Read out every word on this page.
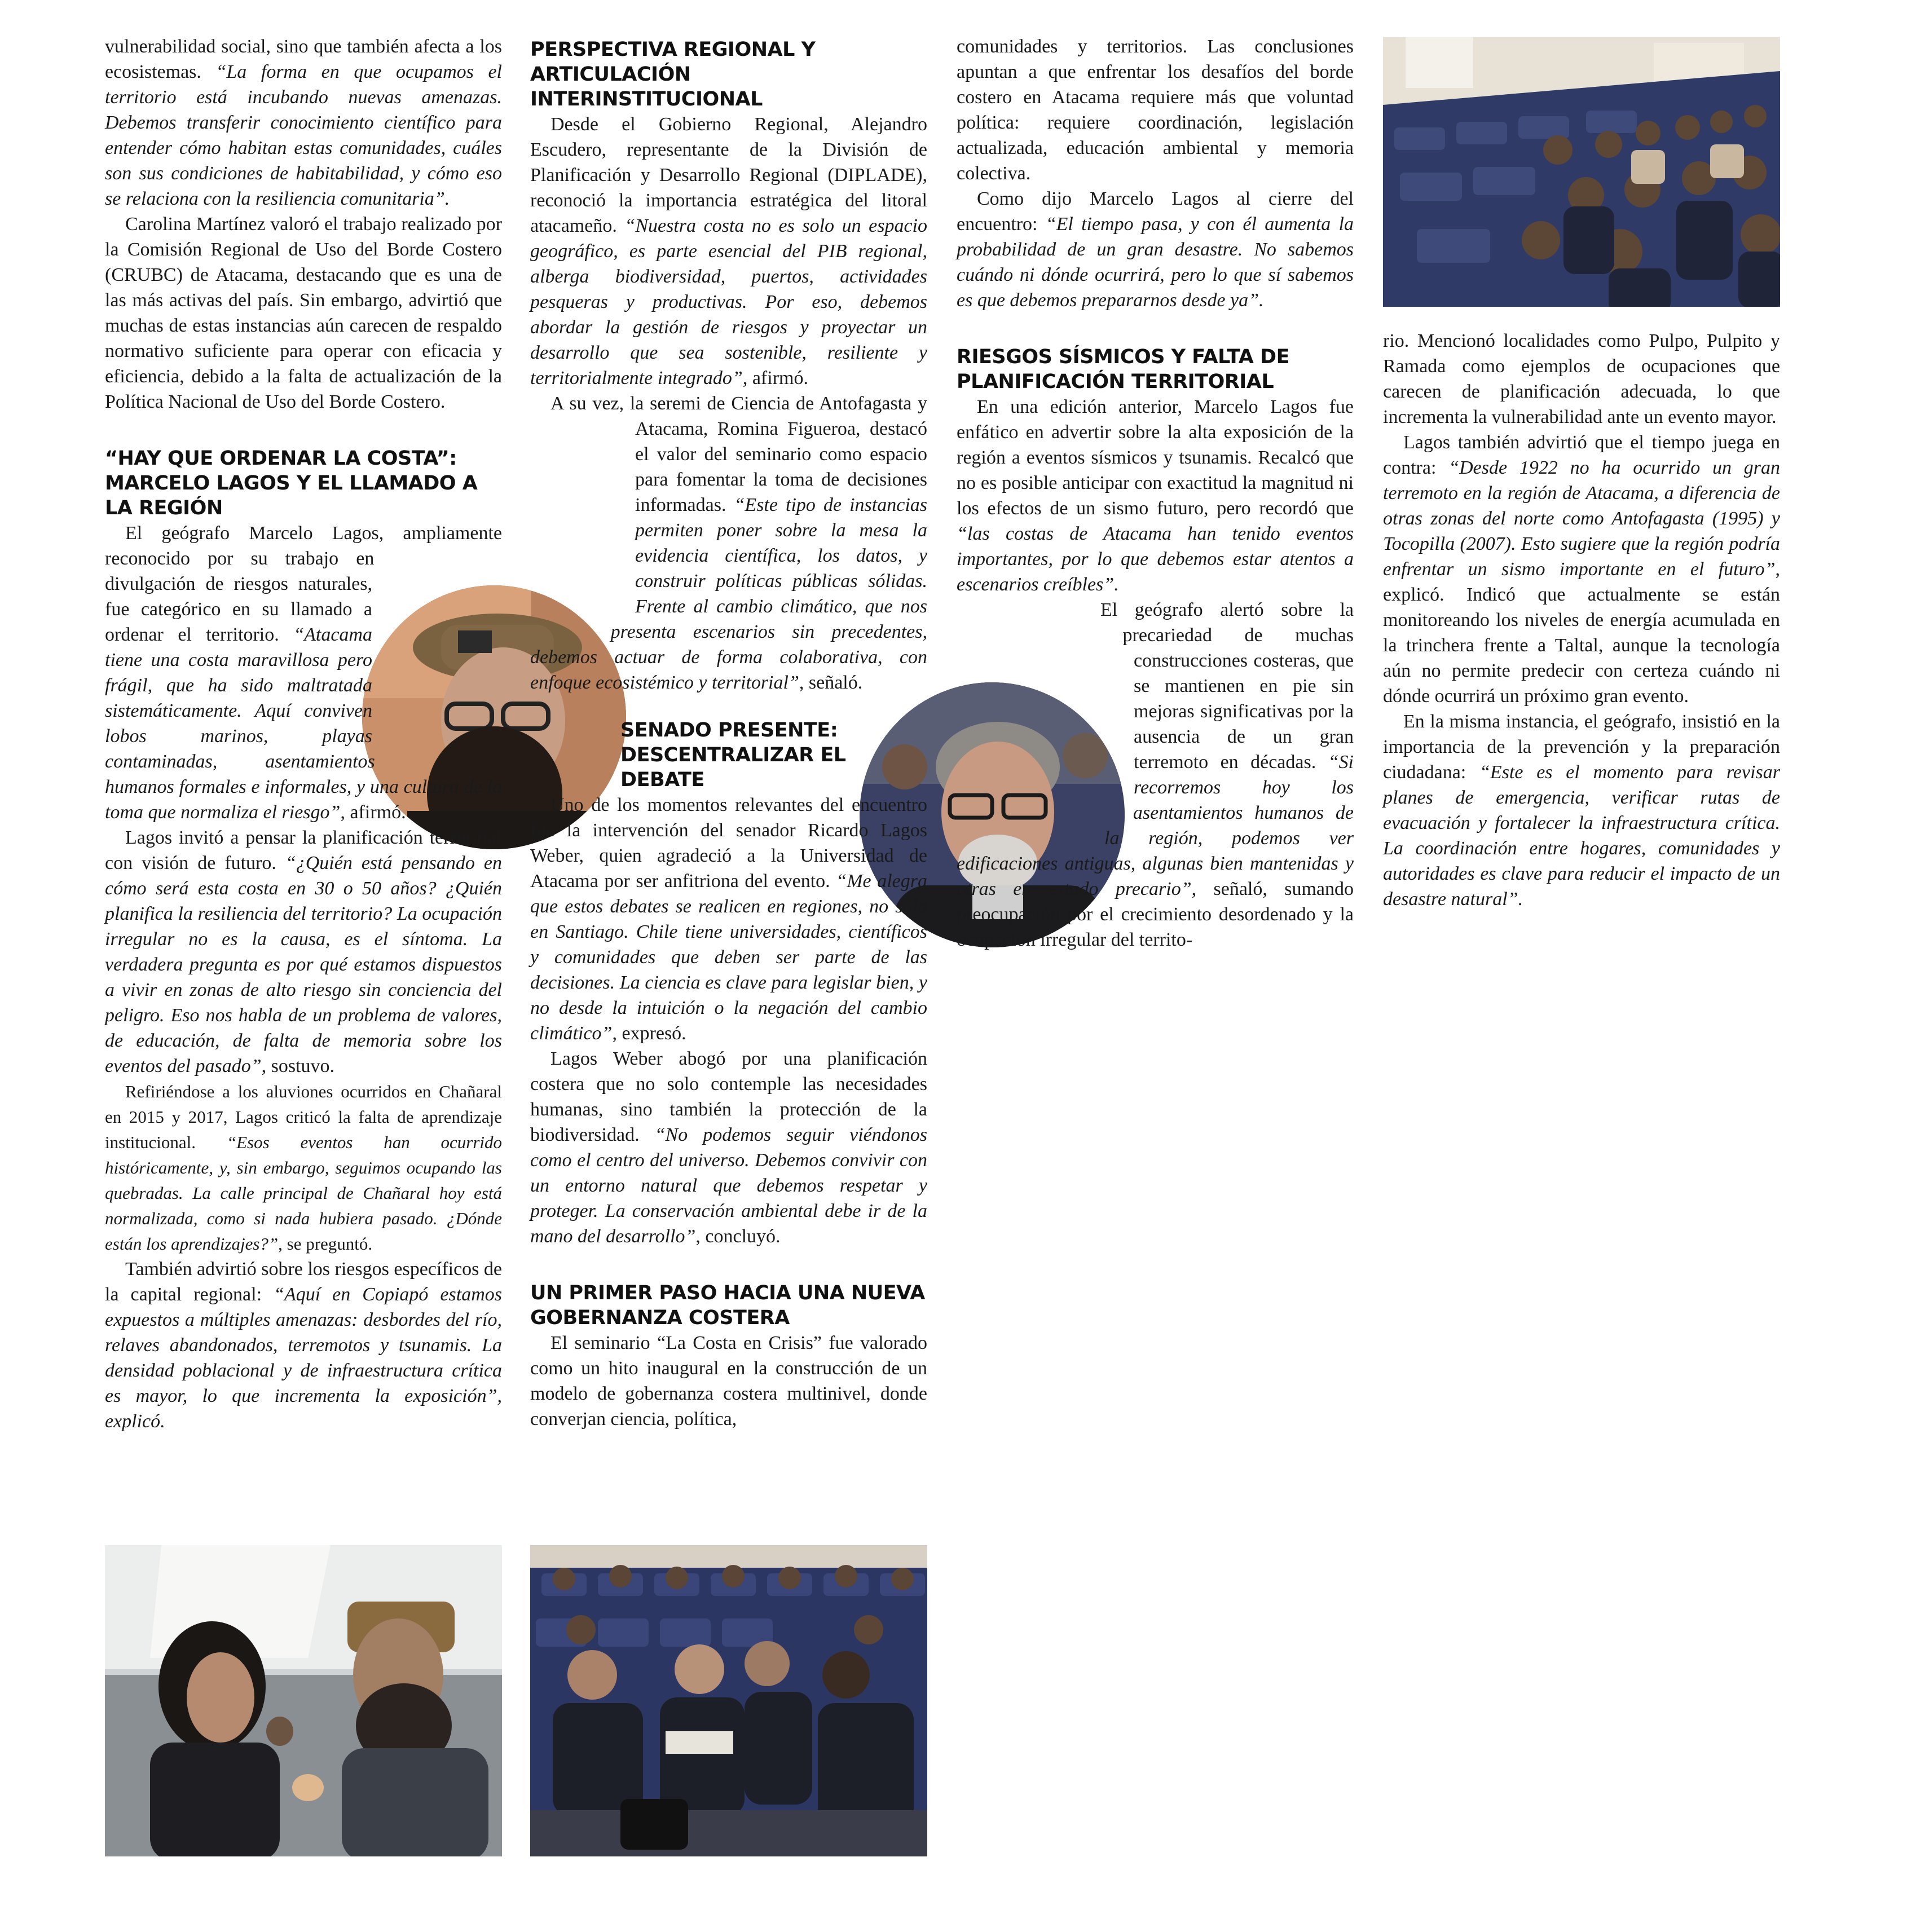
vulnerabilidad social, sino que también afecta a los ecosistemas. “La forma en que ocupamos el territorio está incubando nuevas amenazas. Debemos transferir conocimiento científico para entender cómo habitan estas comunidades, cuáles son sus condiciones de habitabilidad, y cómo eso se relaciona con la resiliencia comunitaria”.

Carolina Martínez valoró el trabajo realizado por la Comisión Regional de Uso del Borde Costero (CRUBC) de Atacama, destacando que es una de las más activas del país. Sin embargo, advirtió que muchas de estas instancias aún carecen de respaldo normativo suficiente para operar con eficacia y eficiencia, debido a la falta de actualización de la Política Nacional de Uso del Borde Costero.

“HAY QUE ORDENAR LA COSTA”: MARCELO LAGOS Y EL LLAMADO A LA REGIÓN

El geógrafo Marcelo Lagos, ampliamente reconocido por su trabajo en divulgación de riesgos naturales, fue categórico en su llamado a ordenar el territorio. “Atacama tiene una costa maravillosa pero frágil, que ha sido maltratada sistemáticamente. Aquí conviven lobos marinos, playas contaminadas, asentamientos humanos formales e informales, y una cultura de la toma que normaliza el riesgo”, afirmó.

Lagos invitó a pensar la planificación territorial con visión de futuro. “¿Quién está pensando en cómo será esta costa en 30 o 50 años? ¿Quién planifica la resiliencia del territorio? La ocupación irregular no es la causa, es el síntoma. La verdadera pregunta es por qué estamos dispuestos a vivir en zonas de alto riesgo sin conciencia del peligro. Eso nos habla de un problema de valores, de educación, de falta de memoria sobre los eventos del pasado”, sostuvo.

Refiriéndose a los aluviones ocurridos en Chañaral en 2015 y 2017, Lagos criticó la falta de aprendizaje institucional. “Esos eventos han ocurrido históricamente, y, sin embargo, seguimos ocupando las quebradas. La calle principal de Chañaral hoy está normalizada, como si nada hubiera pasado. ¿Dónde están los aprendizajes?”, se preguntó.

También advirtió sobre los riesgos específicos de la capital regional: “Aquí en Copiapó estamos expuestos a múltiples amenazas: desbordes del río, relaves abandonados, terremotos y tsunamis. La densidad poblacional y de infraestructura crítica es mayor, lo que incrementa la exposición”, explicó.

PERSPECTIVA REGIONAL Y ARTICULACIÓN INTERINSTITUCIONAL

Desde el Gobierno Regional, Alejandro Escudero, representante de la División de Planificación y Desarrollo Regional (DIPLADE), reconoció la importancia estratégica del litoral atacameño. “Nuestra costa no es solo un espacio geográfico, es parte esencial del PIB regional, alberga biodiversidad, puertos, actividades pesqueras y productivas. Por eso, debemos abordar la gestión de riesgos y proyectar un desarrollo que sea sostenible, resiliente y territorialmente integrado”, afirmó.

A su vez, la seremi de Ciencia de Antofagasta y Atacama, Romina Figueroa, destacó el valor del seminario como espacio para fomentar la toma de decisiones informadas. “Este tipo de instancias permiten poner sobre la mesa la evidencia científica, los datos, y construir políticas públicas sólidas. Frente al cambio climático, que nos presenta escenarios sin precedentes, debemos actuar de forma colaborativa, con enfoque ecosistémico y territorial”, señaló.

SENADO PRESENTE: DESCENTRALIZAR EL DEBATE

Uno de los momentos relevantes del encuentro fue la intervención del senador Ricardo Lagos Weber, quien agradeció a la Universidad de Atacama por ser anfitriona del evento. “Me alegra que estos debates se realicen en regiones, no solo en Santiago. Chile tiene universidades, científicos y comunidades que deben ser parte de las decisiones. La ciencia es clave para legislar bien, y no desde la intuición o la negación del cambio climático”, expresó.

Lagos Weber abogó por una planificación costera que no solo contemple las necesidades humanas, sino también la protección de la biodiversidad. “No podemos seguir viéndonos como el centro del universo. Debemos convivir con un entorno natural que debemos respetar y proteger. La conservación ambiental debe ir de la mano del desarrollo”, concluyó.

UN PRIMER PASO HACIA UNA NUEVA GOBERNANZA COSTERA

El seminario “La Costa en Crisis” fue valorado como un hito inaugural en la construcción de un modelo de gobernanza costera multinivel, donde converjan ciencia, política,

comunidades y territorios. Las conclusiones apuntan a que enfrentar los desafíos del borde costero en Atacama requiere más que voluntad política: requiere coordinación, legislación actualizada, educación ambiental y memoria colectiva.

Como dijo Marcelo Lagos al cierre del encuentro: “El tiempo pasa, y con él aumenta la probabilidad de un gran desastre. No sabemos cuándo ni dónde ocurrirá, pero lo que sí sabemos es que debemos prepararnos desde ya”.

RIESGOS SÍSMICOS Y FALTA DE PLANIFICACIÓN TERRITORIAL

En una edición anterior, Marcelo Lagos fue enfático en advertir sobre la alta exposición de la región a eventos sísmicos y tsunamis. Recalcó que no es posible anticipar con exactitud la magnitud ni los efectos de un sismo futuro, pero recordó que “las costas de Atacama han tenido eventos importantes, por lo que debemos estar atentos a escenarios creíbles”.

El geógrafo alertó sobre la precariedad de muchas construcciones costeras, que se mantienen en pie sin mejoras significativas por la ausencia de un gran terremoto en décadas. “Si recorremos hoy los asentamientos humanos de la región, podemos ver edificaciones antiguas, algunas bien mantenidas y otras en estado precario”, señaló, sumando preocupación por el crecimiento desordenado y la ocupación irregular del territo-

rio. Mencionó localidades como Pulpo, Pulpito y Ramada como ejemplos de ocupaciones que carecen de planificación adecuada, lo que incrementa la vulnerabilidad ante un evento mayor.

Lagos también advirtió que el tiempo juega en contra: “Desde 1922 no ha ocurrido un gran terremoto en la región de Atacama, a diferencia de otras zonas del norte como Antofagasta (1995) y Tocopilla (2007). Esto sugiere que la región podría enfrentar un sismo importante en el futuro”, explicó. Indicó que actualmente se están monitoreando los niveles de energía acumulada en la trinchera frente a Taltal, aunque la tecnología aún no permite predecir con certeza cuándo ni dónde ocurrirá un próximo gran evento.

En la misma instancia, el geógrafo, insistió en la importancia de la prevención y la preparación ciudadana: “Este es el momento para revisar planes de emergencia, verificar rutas de evacuación y fortalecer la infraestructura crítica. La coordinación entre hogares, comunidades y autoridades es clave para reducir el impacto de un desastre natural”.
